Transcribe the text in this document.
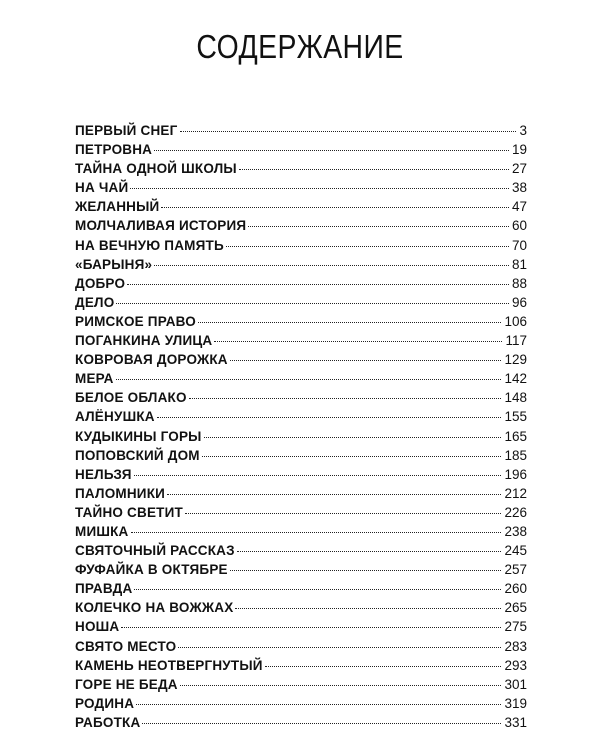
СОДЕРЖАНИЕ
ПЕРВЫЙ СНЕГ	3
ПЕТРОВНА	19
ТАЙНА ОДНОЙ ШКОЛЫ	27
НА ЧАЙ	38
ЖЕЛАННЫЙ	47
МОЛЧАЛИВАЯ ИСТОРИЯ	60
НА ВЕЧНУЮ ПАМЯТЬ	70
«БАРЫНЯ»	81
ДОБРО	88
ДЕЛО	96
РИМСКОЕ ПРАВО	106
ПОГАНКИНА УЛИЦА	117
КОВРОВАЯ ДОРОЖКА	129
МЕРА	142
БЕЛОЕ ОБЛАКО	148
АЛЁНУШКА	155
КУДЫКИНЫ ГОРЫ	165
ПОПОВСКИЙ ДОМ	185
НЕЛЬЗЯ	196
ПАЛОМНИКИ	212
ТАЙНО СВЕТИТ	226
МИШКА	238
СВЯТОЧНЫЙ РАССКАЗ	245
ФУФАЙКА В ОКТЯБРЕ	257
ПРАВДА	260
КОЛЕЧКО НА ВОЖЖАХ	265
НОША	275
СВЯТО МЕСТО	283
КАМЕНЬ НЕОТВЕРГНУТЫЙ	293
ГОРЕ НЕ БЕДА	301
РОДИНА	319
РАБОТКА	331
